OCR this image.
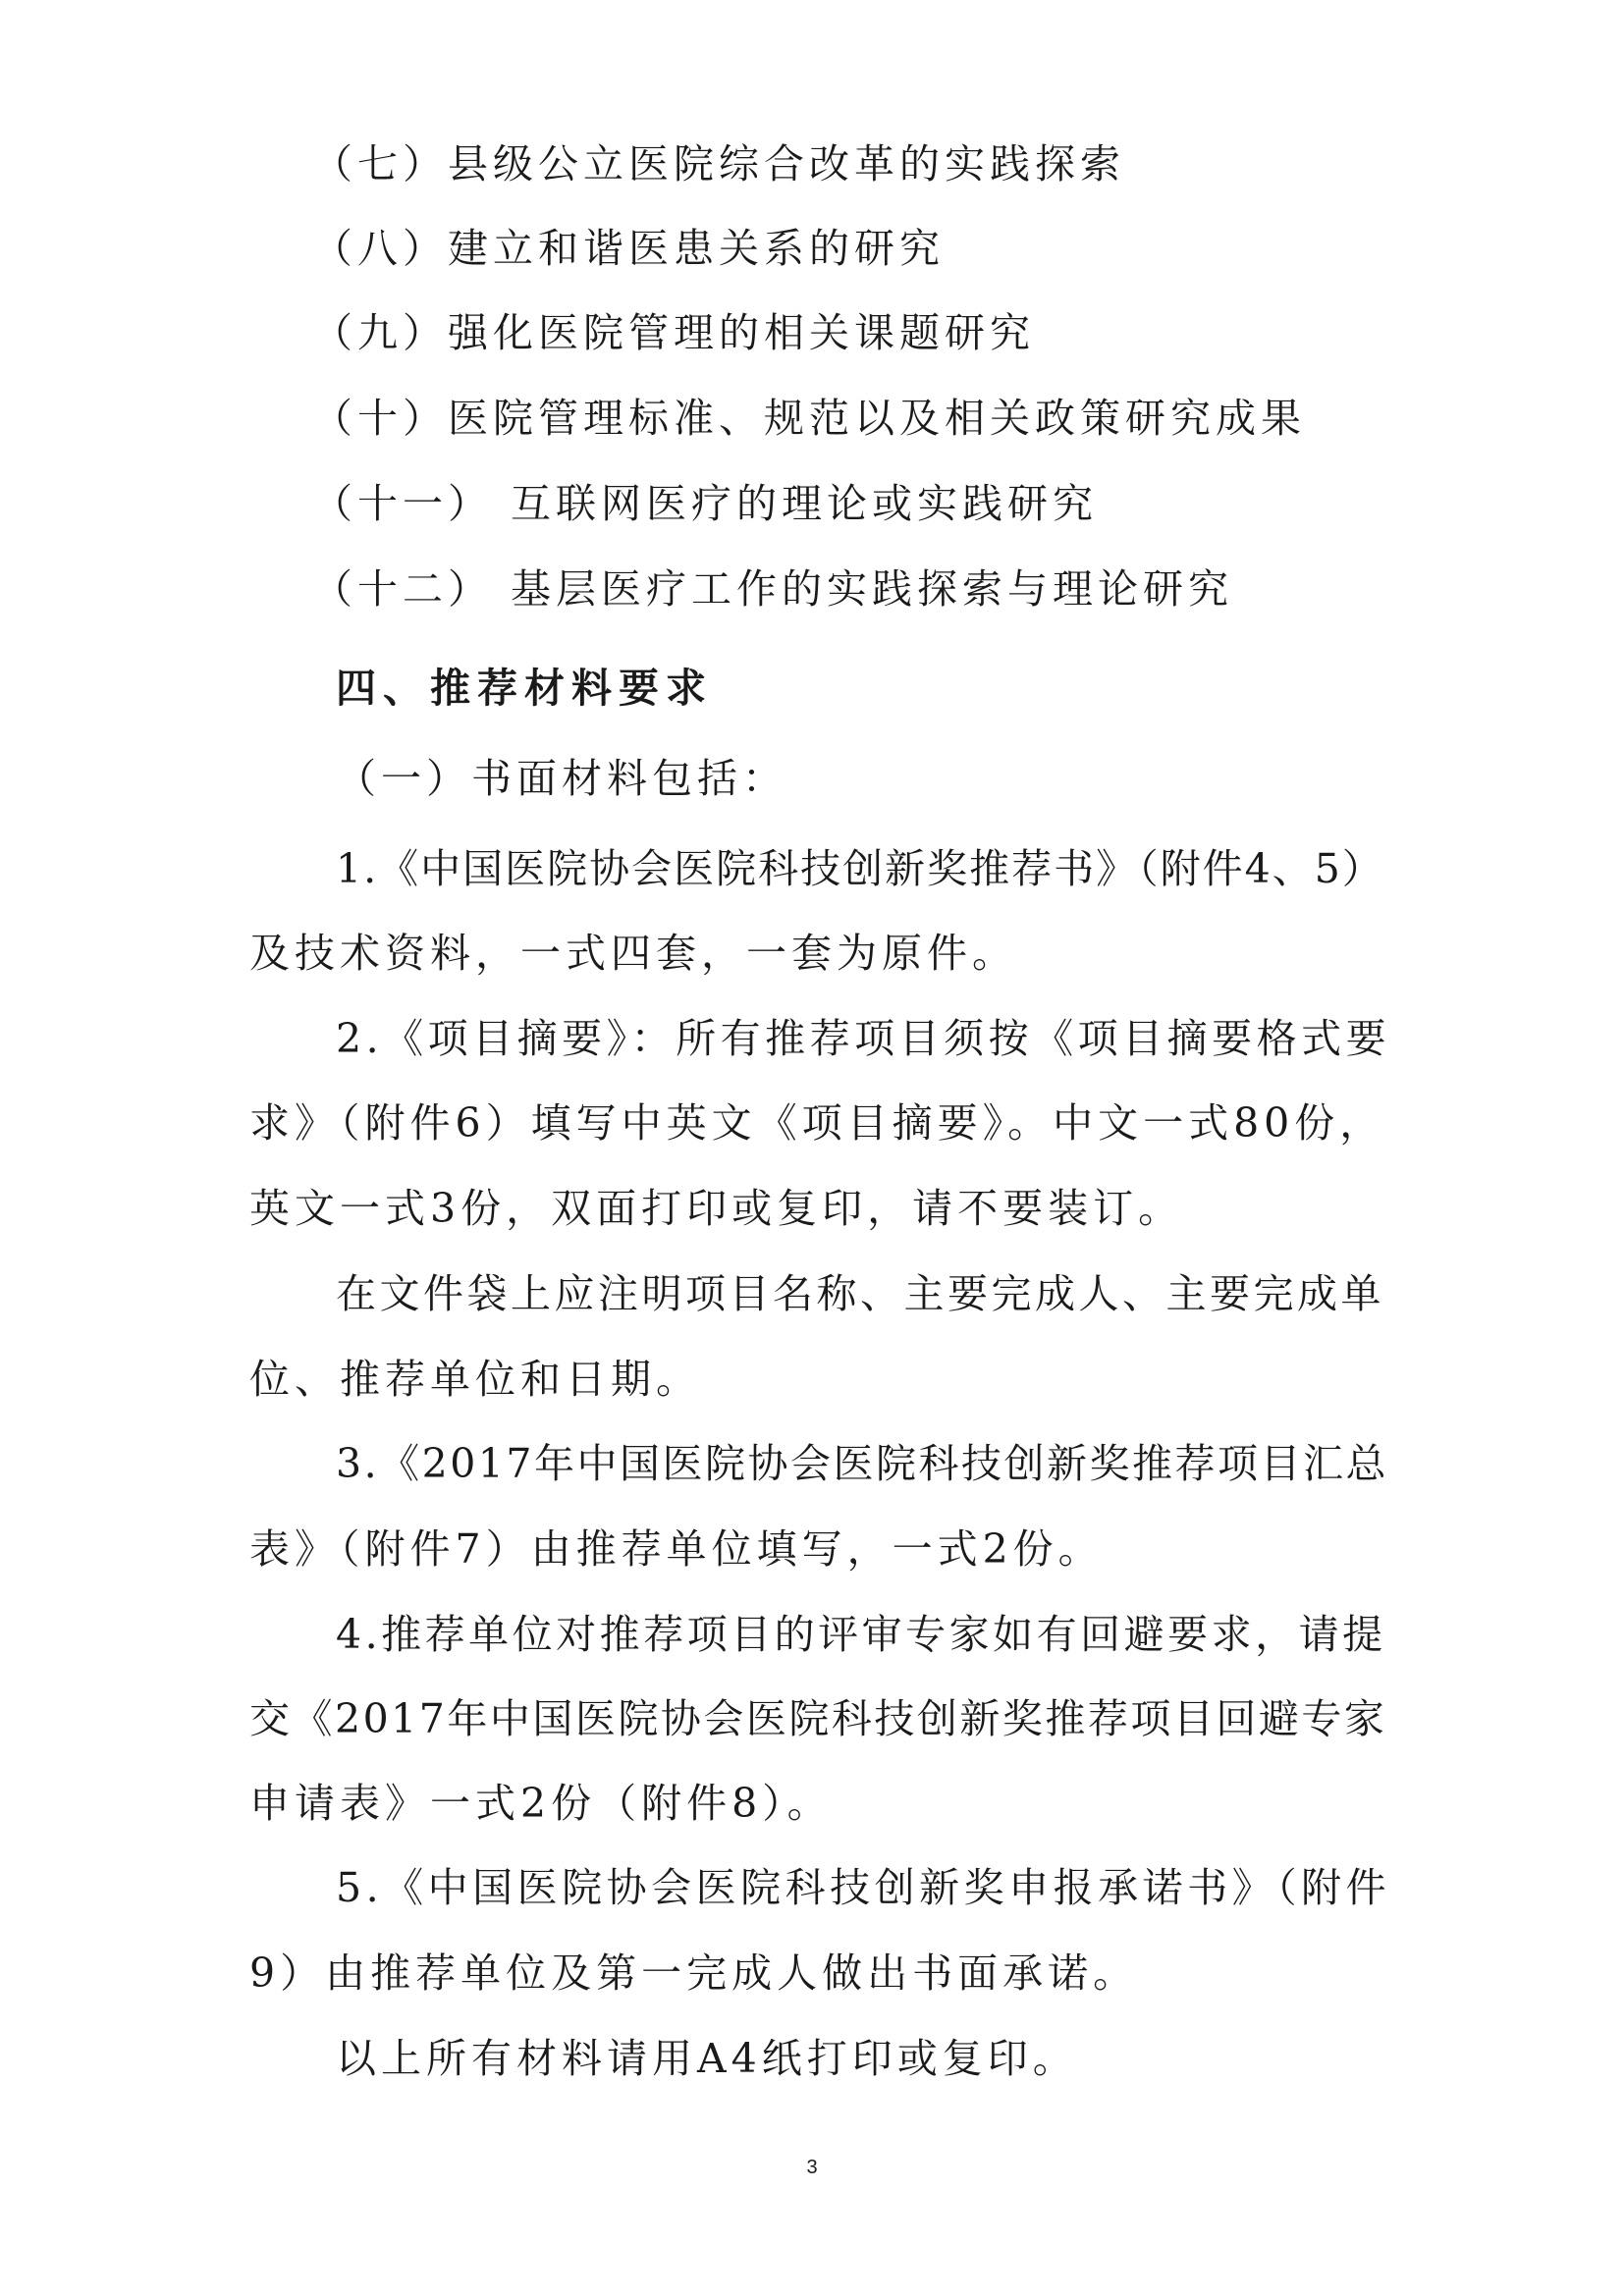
（七）县级公立医院综合改革的实践探索
（八）建立和谐医患关系的研究
（九）强化医院管理的相关课题研究
（十）医院管理标准、规范以及相关政策研究成果
（十一） 互联网医疗的理论或实践研究
（十二） 基层医疗工作的实践探索与理论研究
四、推荐材料要求
（一）书面材料包括：
1.《中国医院协会医院科技创新奖推荐书》（附件4、5）
及技术资料，一式四套，一套为原件。
2.《项目摘要》：所有推荐项目须按《项目摘要格式要
求》（附件6）填写中英文《项目摘要》。中文一式80份，
英文一式3份，双面打印或复印，请不要装订。
在文件袋上应注明项目名称、主要完成人、主要完成单
位、推荐单位和日期。
3.《2017年中国医院协会医院科技创新奖推荐项目汇总
表》（附件7）由推荐单位填写，一式2份。
4.推荐单位对推荐项目的评审专家如有回避要求，请提
交《2017年中国医院协会医院科技创新奖推荐项目回避专家
申请表》一式2份（附件8）。
5.《中国医院协会医院科技创新奖申报承诺书》（附件
9）由推荐单位及第一完成人做出书面承诺。
以上所有材料请用A4纸打印或复印。
3
